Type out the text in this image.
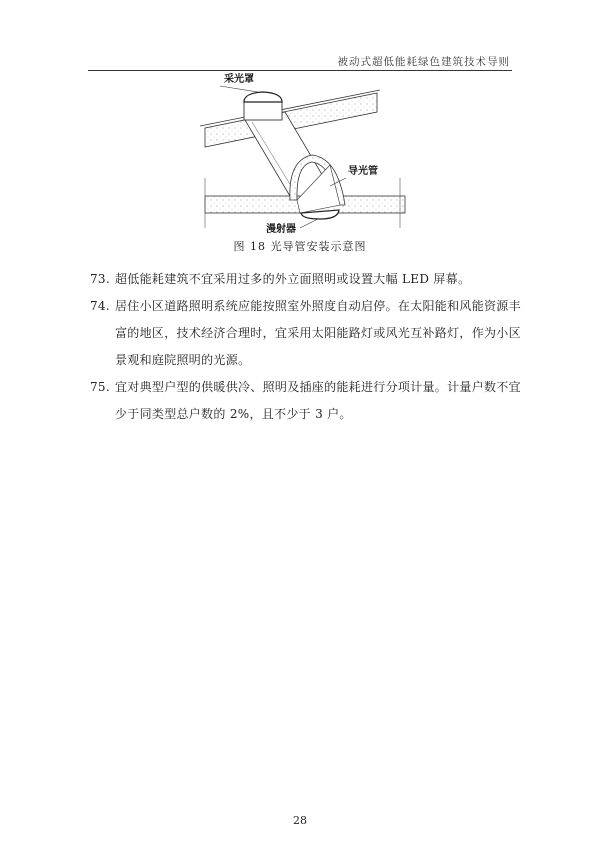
被动式超低能耗绿色建筑技术导则
采光罩
导光管
漫射器
图 18 光导管安装示意图
73. 超低能耗建筑不宜采用过多的外立面照明或设置大幅 LED 屏幕。
74. 居住小区道路照明系统应能按照室外照度自动启停。在太阳能和风能资源丰富的地区，技术经济合理时，宜采用太阳能路灯或风光互补路灯，作为小区景观和庭院照明的光源。
75. 宜对典型户型的供暖供冷、照明及插座的能耗进行分项计量。计量户数不宜少于同类型总户数的 2%，且不少于 3 户。
28
